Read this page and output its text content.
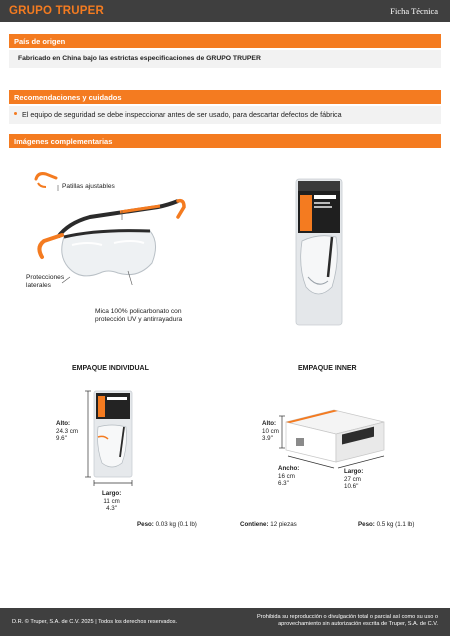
GRUPO TRUPER	Ficha Técnica
País de origen
Fabricado en China bajo las estrictas especificaciones de GRUPO TRUPER
Recomendaciones y cuidados
El equipo de seguridad se debe inspeccionar antes de ser usado, para descartar defectos de fábrica
Imágenes complementarias
Patillas ajustables
Protecciones
laterales
Mica 100% policarbonato con
protección UV y antirrayadura
EMPAQUE INDIVIDUAL
Alto:
24.3 cm
9.6''
Largo:
11 cm
4.3''
Peso: 0.03 kg (0.1 lb)
EMPAQUE INNER
Alto:
10 cm
3.9''
Ancho:
16 cm
6.3''
Largo:
27 cm
10.6''
Contiene: 12 piezas	Peso: 0.5 kg (1.1 lb)
D.R. © Truper, S.A. de C.V. 2025 | Todos los derechos reservados.
Prohibida su reproducción o divulgación total o parcial así como su uso o
aprovechamiento sin autorización escrita de Truper, S.A. de C.V.
